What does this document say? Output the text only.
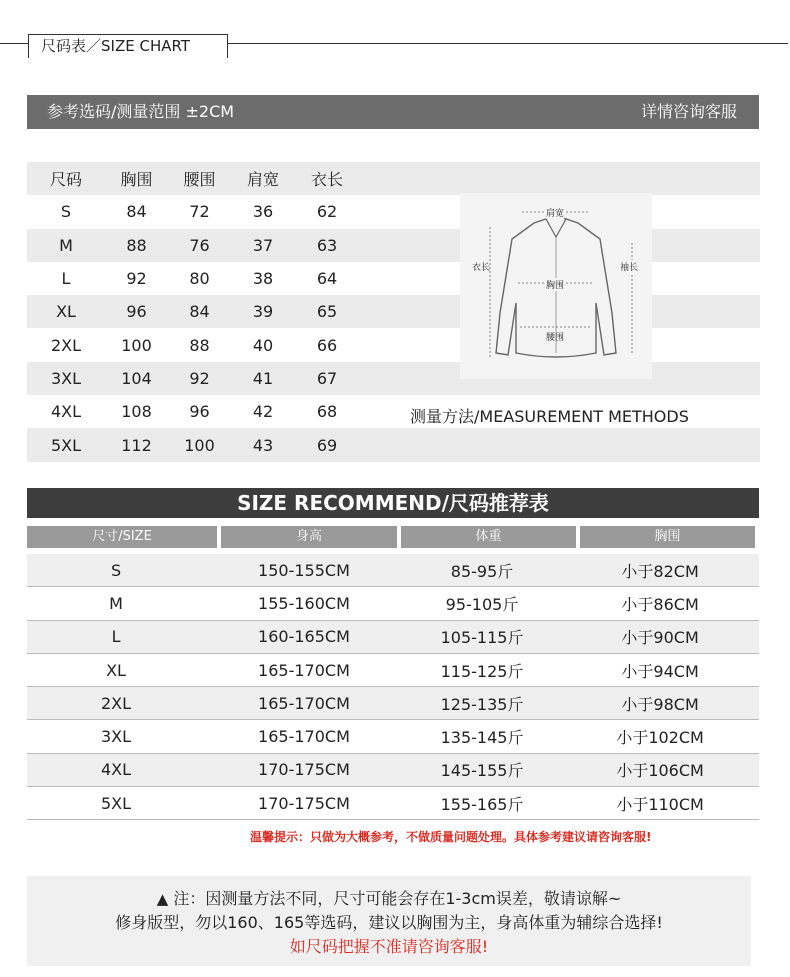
尺码表／SIZE CHART
参考选码/测量范围 ±2CM	详情咨询客服
尺码	胸围	腰围	肩宽	衣长
S	84	72	36	62
M	88	76	37	63
L	92	80	38	64
XL	96	84	39	65
2XL	100	88	40	66
3XL	104	92	41	67
4XL	108	96	42	68
5XL	112	100	43	69
肩宽
衣长	袖长
胸围
腰围
测量方法/MEASUREMENT METHODS
SIZE RECOMMEND/尺码推荐表
尺寸/SIZE	身高	体重	胸围
S	150-155CM	85-95斤	小于82CM
M	155-160CM	95-105斤	小于86CM
L	160-165CM	105-115斤	小于90CM
XL	165-170CM	115-125斤	小于94CM
2XL	165-170CM	125-135斤	小于98CM
3XL	165-170CM	135-145斤	小于102CM
4XL	170-175CM	145-155斤	小于106CM
5XL	170-175CM	155-165斤	小于110CM
温馨提示：只做为大概参考，不做质量问题处理。具体参考建议请咨询客服!
▲ 注：因测量方法不同，尺寸可能会存在1-3cm误差，敬请谅解~
修身版型，勿以160、165等选码，建议以胸围为主，身高体重为辅综合选择!
如尺码把握不准请咨询客服!
